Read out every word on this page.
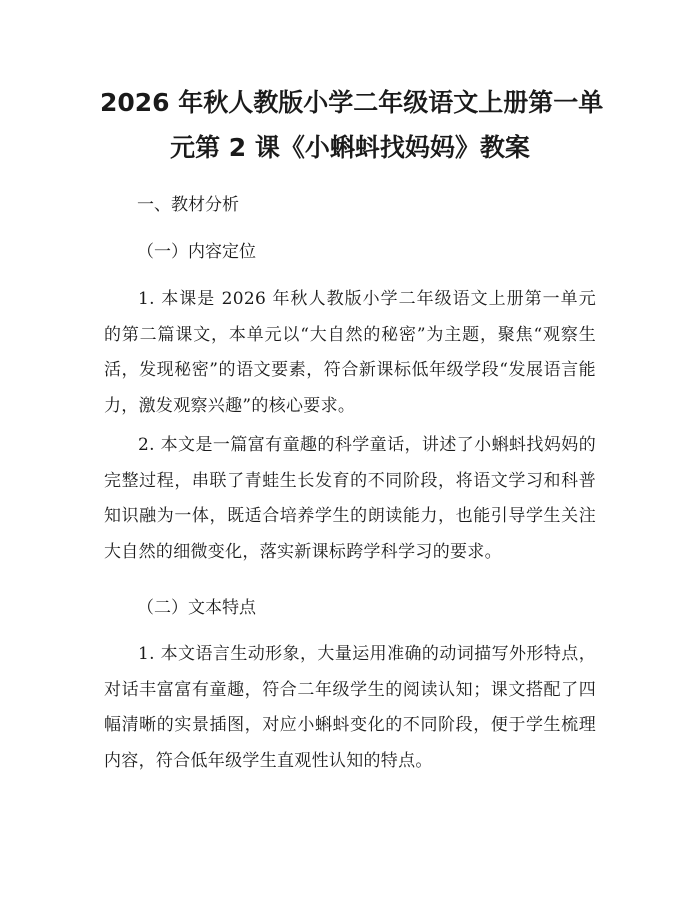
2026 年秋人教版小学二年级语文上册第一单
元第 2 课《小蝌蚪找妈妈》教案

一、教材分析

（一）内容定位

1. 本课是 2026 年秋人教版小学二年级语文上册第一单元的第二篇课文，本单元以“大自然的秘密”为主题，聚焦“观察生活，发现秘密”的语文要素，符合新课标低年级学段“发展语言能力，激发观察兴趣”的核心要求。

2. 本文是一篇富有童趣的科学童话，讲述了小蝌蚪找妈妈的完整过程，串联了青蛙生长发育的不同阶段，将语文学习和科普知识融为一体，既适合培养学生的朗读能力，也能引导学生关注大自然的细微变化，落实新课标跨学科学习的要求。

（二）文本特点

1. 本文语言生动形象，大量运用准确的动词描写外形特点，对话丰富富有童趣，符合二年级学生的阅读认知；课文搭配了四幅清晰的实景插图，对应小蝌蚪变化的不同阶段，便于学生梳理内容，符合低年级学生直观性认知的特点。
